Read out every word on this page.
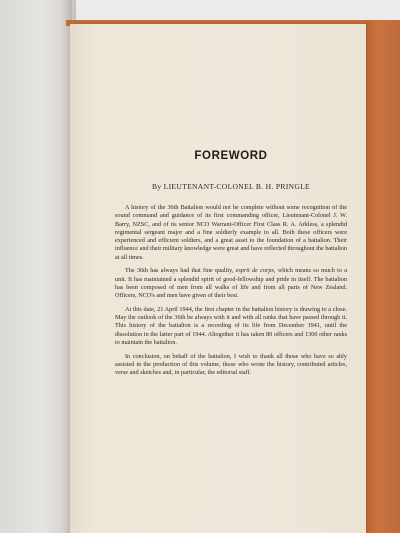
FOREWORD

By LIEUTENANT-COLONEL B. H. PRINGLE

A history of the 36th Battalion would not be complete without some recognition of the sound command and guidance of its first commanding officer, Lieutenant-Colonel J. W. Barry, NZSC, and of its senior NCO Warrant-Officer First Class R. A. Arkless, a splendid regimental sergeant major and a fine soldierly example to all. Both these officers were experienced and efficient soldiers, and a great asset to the foundation of a battalion. Their influence and their military knowledge were great and have reflected throughout the battalion at all times.

The 36th has always had that fine quality, esprit de corps, which means so much to a unit. It has maintained a splendid spirit of good-fellowship and pride in itself. The battalion has been composed of men from all walks of life and from all parts of New Zealand. Officers, NCO's and men have given of their best.

At this date, 21 April 1944, the first chapter in the battalion history is drawing to a close. May the outlook of the 36th be always with it and with all ranks that have passed through it. This history of the battalion is a recording of its life from December 1941, until the dissolution in the latter part of 1944. Altogether it has taken 80 officers and 1300 other ranks to maintain the battalion.

In conclusion, on behalf of the battalion, I wish to thank all those who have so ably assisted in the production of this volume, those who wrote the history, contributed articles, verse and sketches and, in particular, the editorial staff.
